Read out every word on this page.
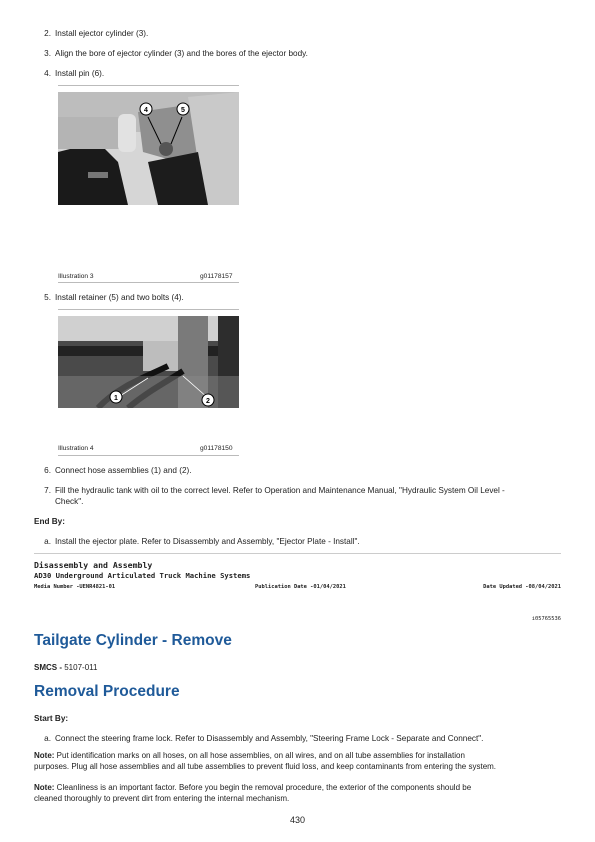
2. Install ejector cylinder (3).
3. Align the bore of ejector cylinder (3) and the bores of the ejector body.
4. Install pin (6).
4	5
Illustration 3	g01178157
5. Install retainer (5) and two bolts (4).
1	2
Illustration 4	g01178150
6. Connect hose assemblies (1) and (2).
7. Fill the hydraulic tank with oil to the correct level. Refer to Operation and Maintenance Manual, "Hydraulic System Oil Level -
Check".
End By:
a. Install the ejector plate. Refer to Disassembly and Assembly, "Ejector Plate - Install".
Disassembly and Assembly
AD30 Underground Articulated Truck Machine Systems
Media Number -UENR4821-01	Publication Date -01/04/2021	Date Updated -08/04/2021
i05765536
Tailgate Cylinder - Remove
SMCS - 5107-011
Removal Procedure
Start By:
a. Connect the steering frame lock. Refer to Disassembly and Assembly, "Steering Frame Lock - Separate and Connect".
Note: Put identification marks on all hoses, on all hose assemblies, on all wires, and on all tube assemblies for installation
purposes. Plug all hose assemblies and all tube assemblies to prevent fluid loss, and keep contaminants from entering the system.
Note: Cleanliness is an important factor. Before you begin the removal procedure, the exterior of the components should be
cleaned thoroughly to prevent dirt from entering the internal mechanism.
430
